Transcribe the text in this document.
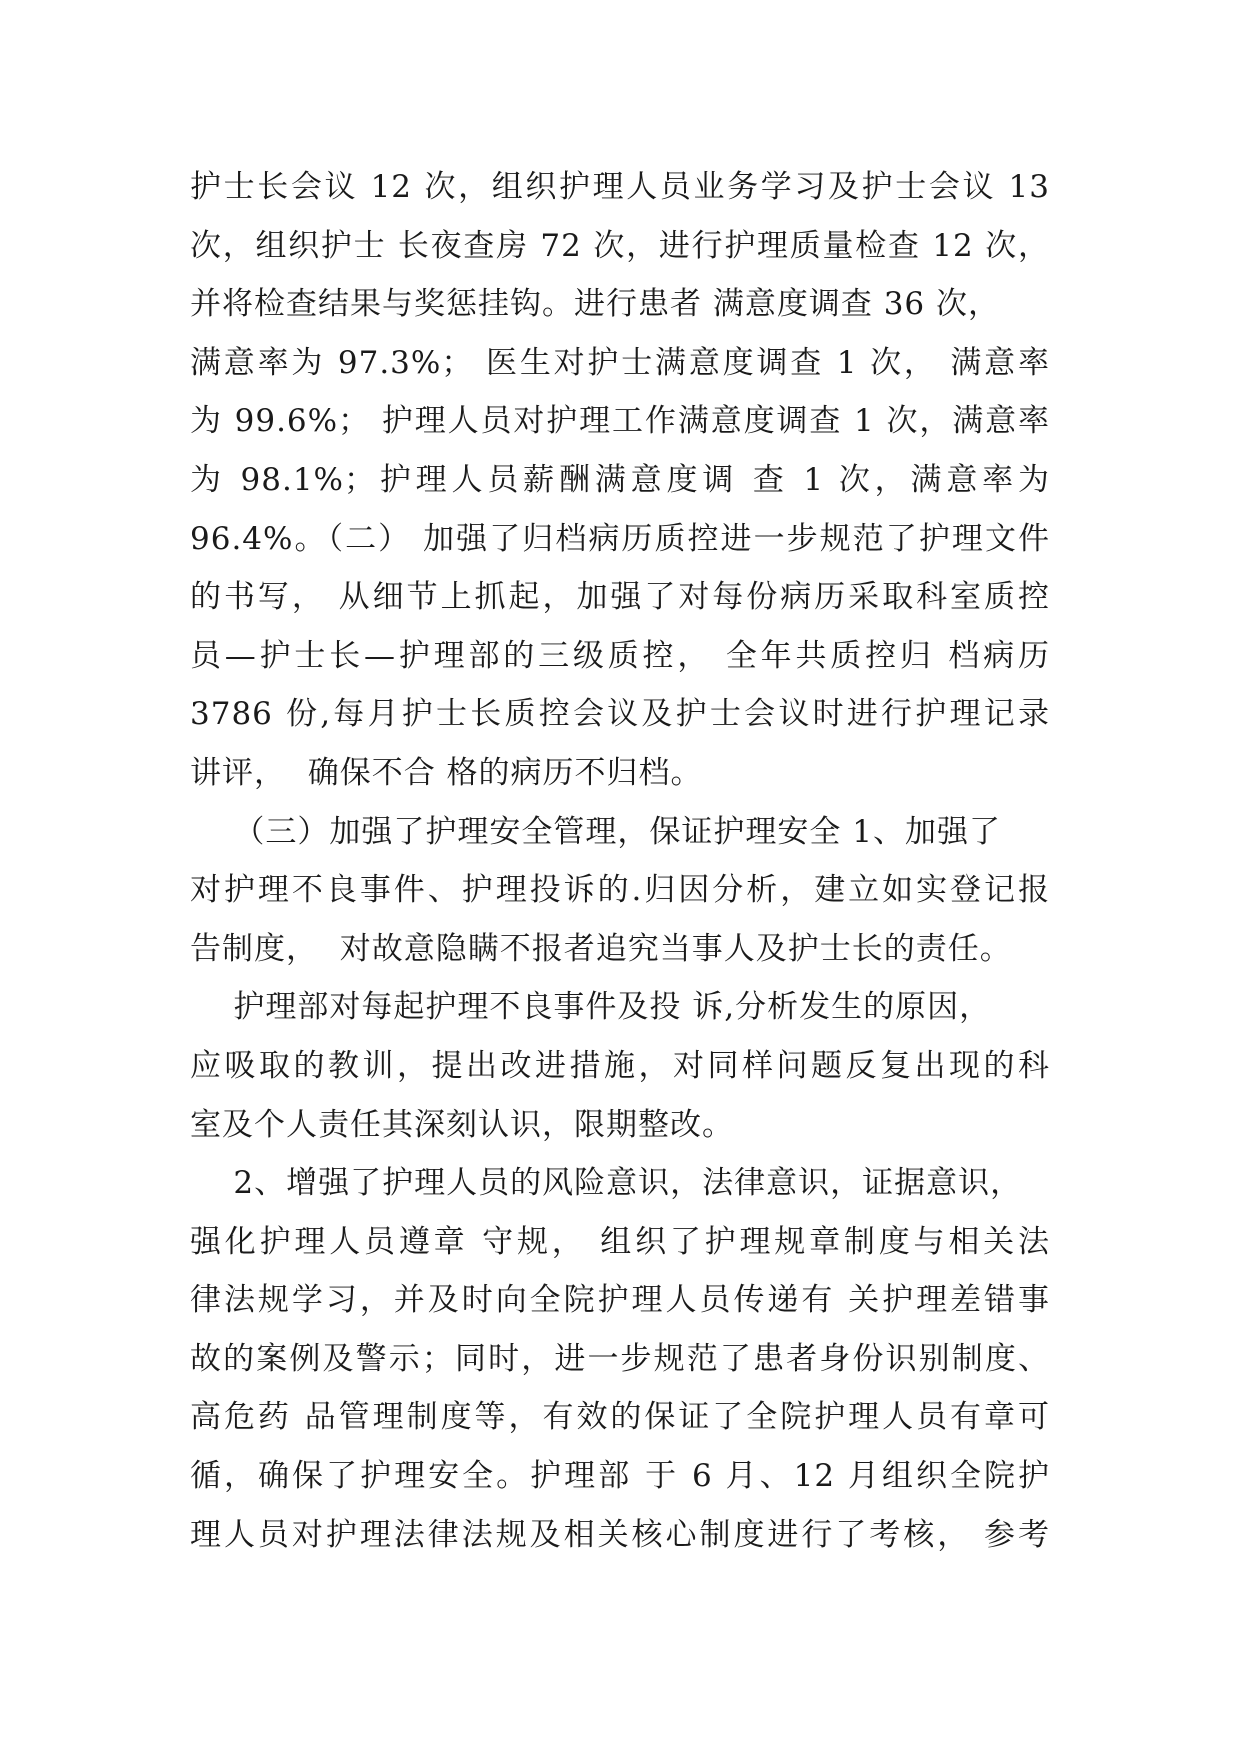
护士长会议 12 次，组织护理人员业务学习及护士会议 13
次，组织护士 长夜查房 72 次，进行护理质量检查 12 次，
并将检查结果与奖惩挂钩。进行患者 满意度调查 36 次，
满意率为 97.3%； 医生对护士满意度调查 1 次， 满意率
为 99.6%； 护理人员对护理工作满意度调查 1 次，满意率
为 98.1%；护理人员薪酬满意度调 查 1 次，满意率为
96.4%。（二） 加强了归档病历质控进一步规范了护理文件
的书写， 从细节上抓起，加强了对每份病历采取科室质控
员—护士长—护理部的三级质控， 全年共质控归 档病历
3786 份,每月护士长质控会议及护士会议时进行护理记录
讲评，  确保不合 格的病历不归档。
（三）加强了护理安全管理，保证护理安全 1、加强了
对护理不良事件、护理投诉的.归因分析，建立如实登记报
告制度，  对故意隐瞒不报者追究当事人及护士长的责任。
护理部对每起护理不良事件及投 诉,分析发生的原因，
应吸取的教训，提出改进措施，对同样问题反复出现的科
室及个人责任其深刻认识，限期整改。
2、增强了护理人员的风险意识，法律意识，证据意识，
强化护理人员遵章 守规， 组织了护理规章制度与相关法
律法规学习，并及时向全院护理人员传递有 关护理差错事
故的案例及警示；同时，进一步规范了患者身份识别制度、
高危药 品管理制度等，有效的保证了全院护理人员有章可
循，确保了护理安全。护理部 于 6 月、12 月组织全院护
理人员对护理法律法规及相关核心制度进行了考核， 参考
